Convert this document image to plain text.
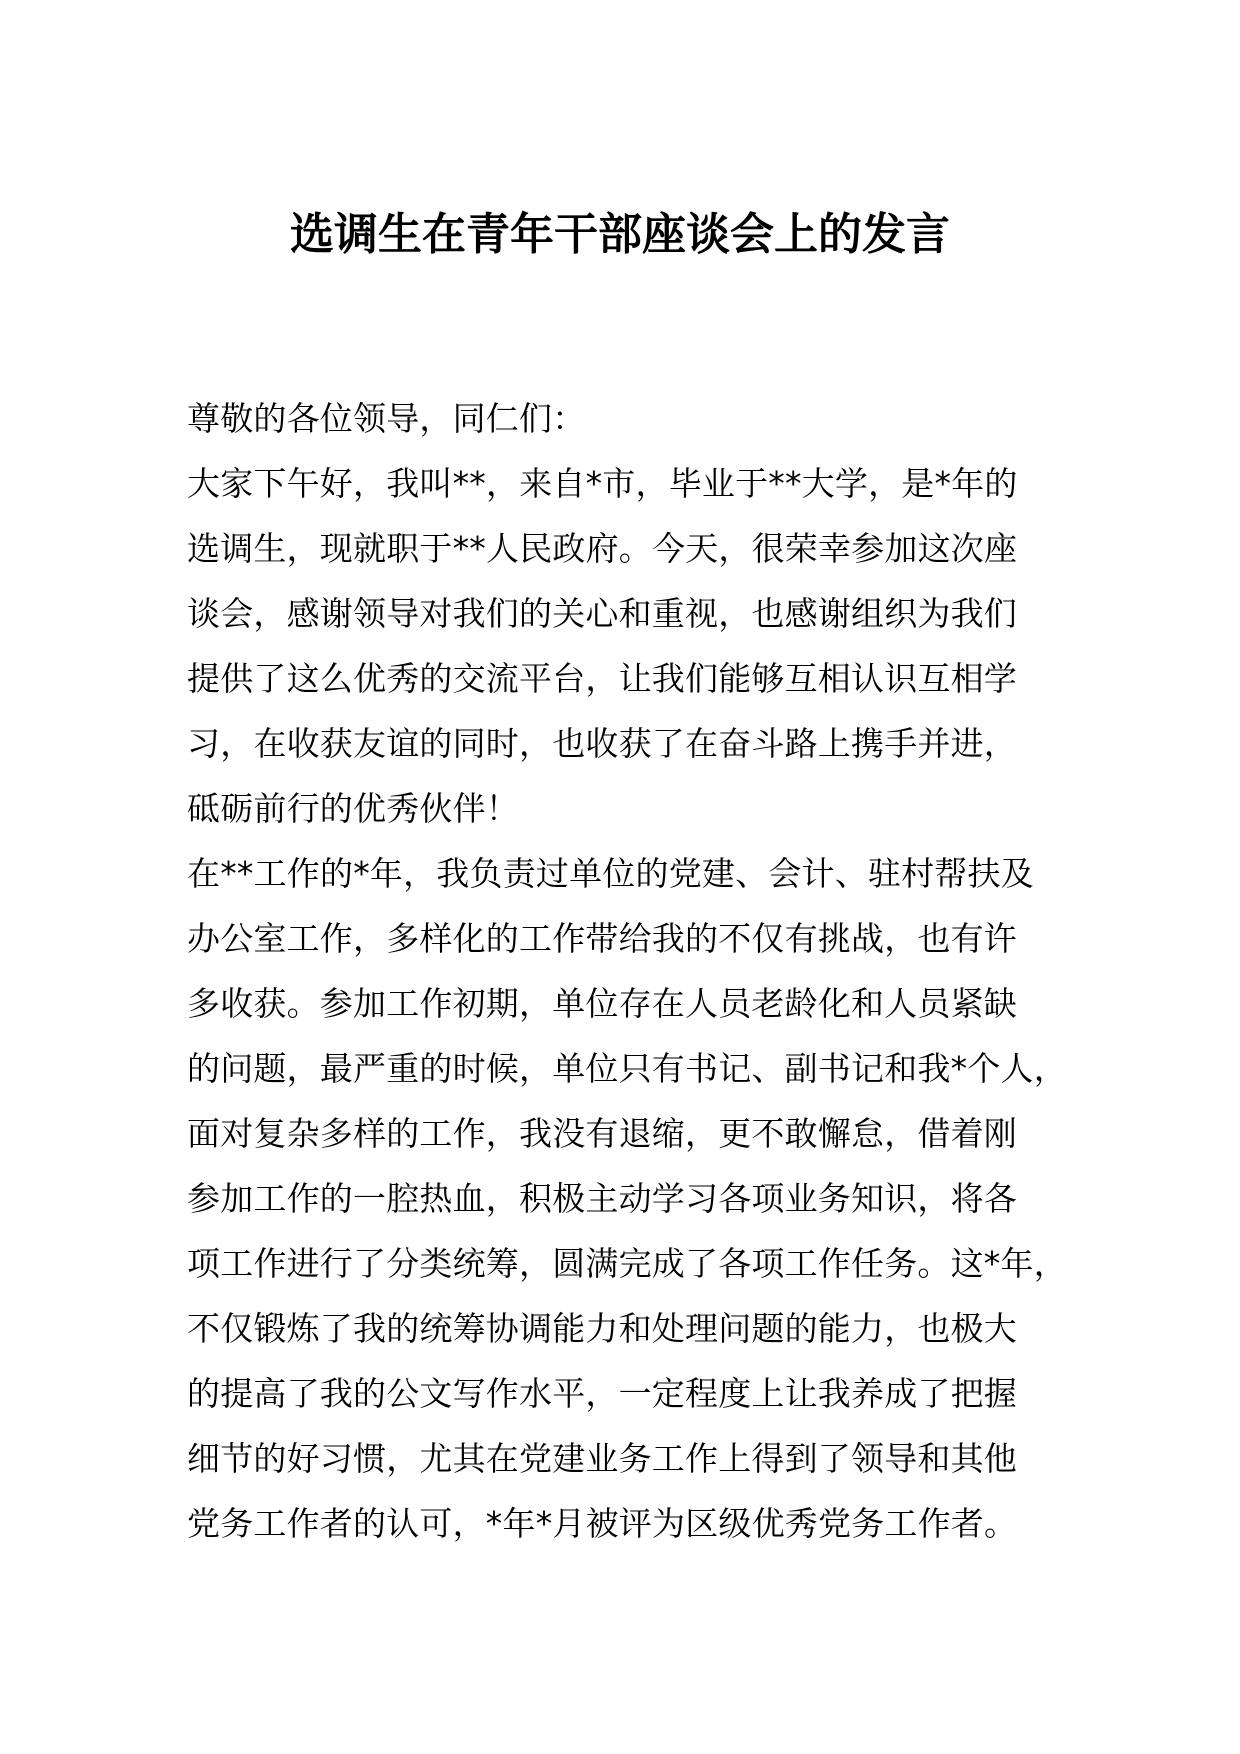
选调生在青年干部座谈会上的发言
尊敬的各位领导，同仁们：
大家下午好，我叫**，来自*市，毕业于**大学，是*年的
选调生，现就职于**人民政府。今天，很荣幸参加这次座
谈会，感谢领导对我们的关心和重视，也感谢组织为我们
提供了这么优秀的交流平台，让我们能够互相认识互相学
习，在收获友谊的同时，也收获了在奋斗路上携手并进，
砥砺前行的优秀伙伴！
在**工作的*年，我负责过单位的党建、会计、驻村帮扶及
办公室工作，多样化的工作带给我的不仅有挑战，也有许
多收获。参加工作初期，单位存在人员老龄化和人员紧缺
的问题，最严重的时候，单位只有书记、副书记和我*个人，
面对复杂多样的工作，我没有退缩，更不敢懈怠，借着刚
参加工作的一腔热血，积极主动学习各项业务知识，将各
项工作进行了分类统筹，圆满完成了各项工作任务。这*年，
不仅锻炼了我的统筹协调能力和处理问题的能力，也极大
的提高了我的公文写作水平，一定程度上让我养成了把握
细节的好习惯，尤其在党建业务工作上得到了领导和其他
党务工作者的认可，*年*月被评为区级优秀党务工作者。
